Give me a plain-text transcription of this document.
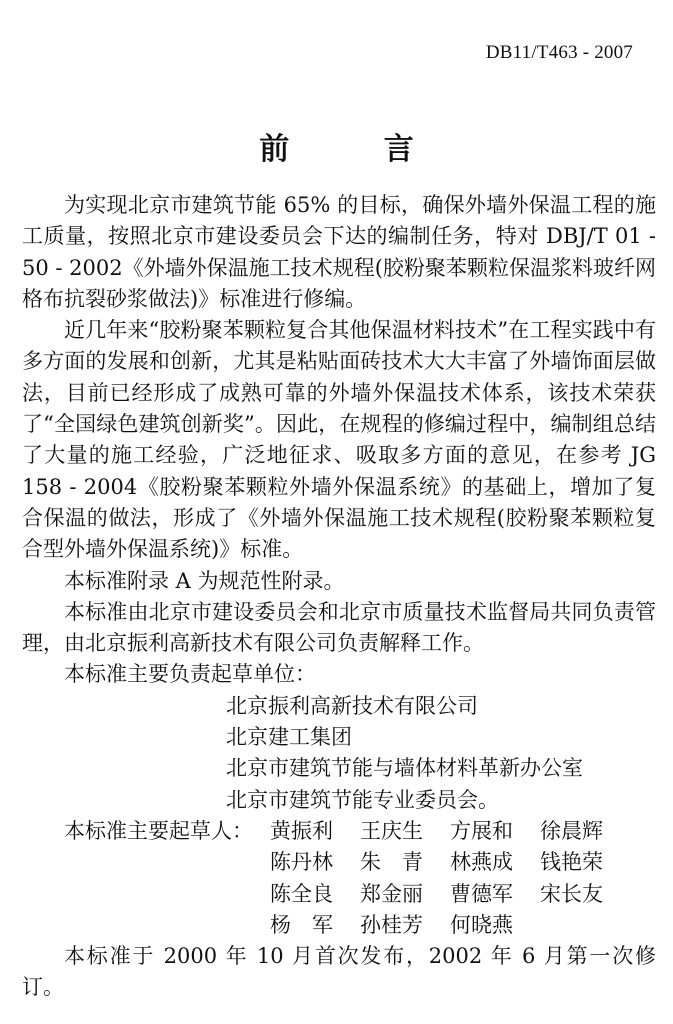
DB11/T463 - 2007
前 言

为实现北京市建筑节能 65% 的目标，确保外墙外保温工程的施工质量，按照北京市建设委员会下达的编制任务，特对 DBJ/T 01 - 50 - 2002《外墙外保温施工技术规程(胶粉聚苯颗粒保温浆料玻纤网格布抗裂砂浆做法)》标准进行修编。

近几年来“胶粉聚苯颗粒复合其他保温材料技术”在工程实践中有多方面的发展和创新，尤其是粘贴面砖技术大大丰富了外墙饰面层做法，目前已经形成了成熟可靠的外墙外保温技术体系，该技术荣获了“全国绿色建筑创新奖”。因此，在规程的修编过程中，编制组总结了大量的施工经验，广泛地征求、吸取多方面的意见，在参考 JG 158 - 2004《胶粉聚苯颗粒外墙外保温系统》的基础上，增加了复合保温的做法，形成了《外墙外保温施工技术规程(胶粉聚苯颗粒复合型外墙外保温系统)》标准。

本标准附录 A 为规范性附录。

本标准由北京市建设委员会和北京市质量技术监督局共同负责管理，由北京振利高新技术有限公司负责解释工作。

本标准主要负责起草单位：

北京振利高新技术有限公司
北京建工集团
北京市建筑节能与墙体材料革新办公室
北京市建筑节能专业委员会。
本标准主要起草人： 黄振利	王庆生	方展和	徐晨辉
陈丹林	朱　青	林燕成	钱艳荣
陈全良	郑金丽	曹德军	宋长友
杨　军	孙桂芳	何晓燕

本标准于 2000 年 10 月首次发布，2002 年 6 月第一次修订。
